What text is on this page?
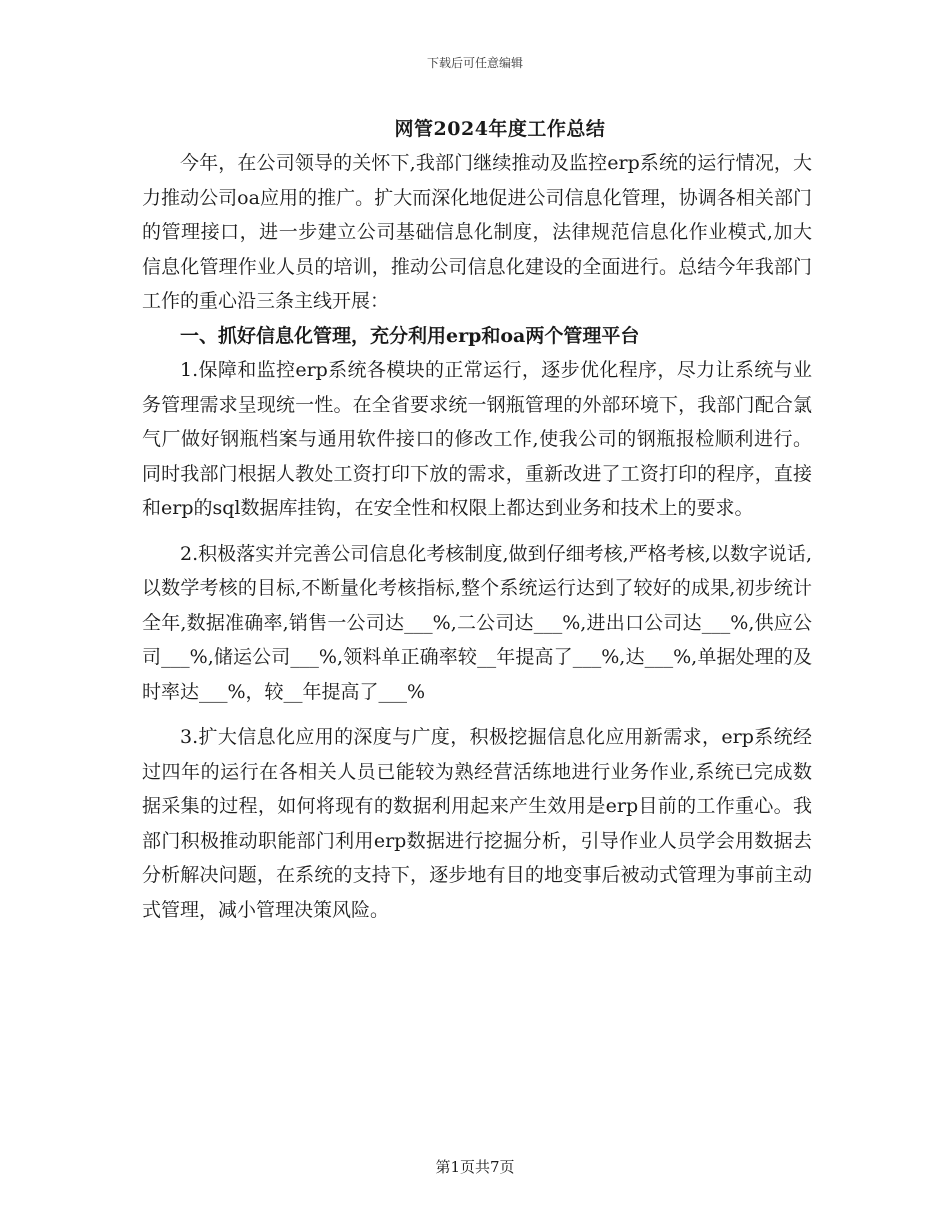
下载后可任意编辑
网管2024年度工作总结

今年，在公司领导的关怀下,我部门继续推动及监控erp系统的运行情况，大力推动公司oa应用的推广。扩大而深化地促进公司信息化管理，协调各相关部门的管理接口，进一步建立公司基础信息化制度，法律规范信息化作业模式,加大信息化管理作业人员的培训，推动公司信息化建设的全面进行。总结今年我部门工作的重心沿三条主线开展：

一、抓好信息化管理，充分利用erp和oa两个管理平台

1.保障和监控erp系统各模块的正常运行，逐步优化程序，尽力让系统与业务管理需求呈现统一性。在全省要求统一钢瓶管理的外部环境下，我部门配合氯气厂做好钢瓶档案与通用软件接口的修改工作,使我公司的钢瓶报检顺利进行。同时我部门根据人教处工资打印下放的需求，重新改进了工资打印的程序，直接和erp的sql数据库挂钩，在安全性和权限上都达到业务和技术上的要求。

2.积极落实并完善公司信息化考核制度,做到仔细考核,严格考核,以数字说话,以数学考核的目标,不断量化考核指标,整个系统运行达到了较好的成果,初步统计全年,数据准确率,销售一公司达___%,二公司达___%,进出口公司达___%,供应公司___%,储运公司___%,领料单正确率较__年提高了___%,达___%,单据处理的及时率达___%，较__年提高了___%

3.扩大信息化应用的深度与广度，积极挖掘信息化应用新需求，erp系统经过四年的运行在各相关人员已能较为熟经营活练地进行业务作业,系统已完成数据采集的过程，如何将现有的数据利用起来产生效用是erp目前的工作重心。我部门积极推动职能部门利用erp数据进行挖掘分析，引导作业人员学会用数据去分析解决问题，在系统的支持下，逐步地有目的地变事后被动式管理为事前主动式管理，减小管理决策风险。

第1页共7页
